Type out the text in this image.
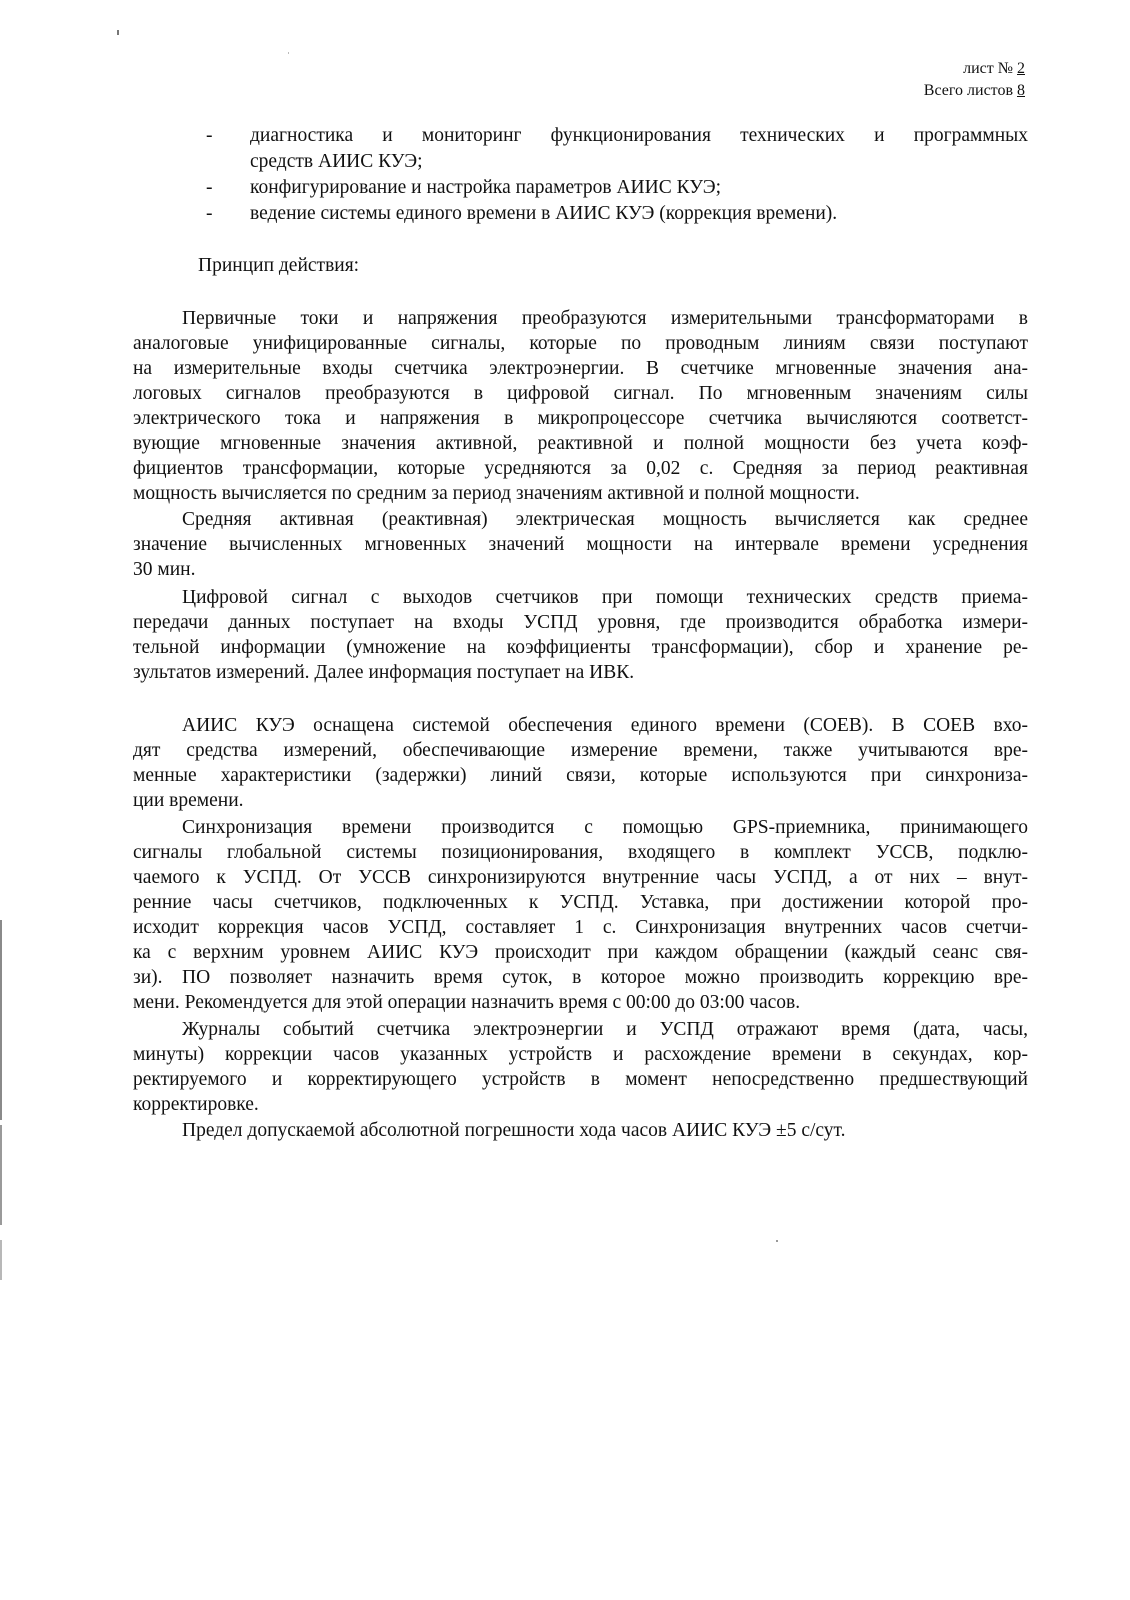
лист № 2
Всего листов 8
- диагностика и мониторинг функционирования технических и программных
средств АИИС КУЭ;
- конфигурирование и настройка параметров АИИС КУЭ;
- ведение системы единого времени в АИИС КУЭ (коррекция времени).
Принцип действия:
Первичные токи и напряжения преобразуются измерительными трансформаторами в
аналоговые унифицированные сигналы, которые по проводным линиям связи поступают
на измерительные входы счетчика электроэнергии. В счетчике мгновенные значения ана-
логовых сигналов преобразуются в цифровой сигнал. По мгновенным значениям силы
электрического тока и напряжения в микропроцессоре счетчика вычисляются соответст-
вующие мгновенные значения активной, реактивной и полной мощности без учета коэф-
фициентов трансформации, которые усредняются за 0,02 с. Средняя за период реактивная
мощность вычисляется по средним за период значениям активной и полной мощности.
Средняя активная (реактивная) электрическая мощность вычисляется как среднее
значение вычисленных мгновенных значений мощности на интервале времени усреднения
30 мин.
Цифровой сигнал с выходов счетчиков при помощи технических средств приема-
передачи данных поступает на входы УСПД уровня, где производится обработка измери-
тельной информации (умножение на коэффициенты трансформации), сбор и хранение ре-
зультатов измерений. Далее информация поступает на ИВК.
АИИС КУЭ оснащена системой обеспечения единого времени (СОЕВ). В СОЕВ вхо-
дят средства измерений, обеспечивающие измерение времени, также учитываются вре-
менные характеристики (задержки) линий связи, которые используются при синхрониза-
ции времени.
Синхронизация времени производится с помощью GPS-приемника, принимающего
сигналы глобальной системы позиционирования, входящего в комплект УССВ, подклю-
чаемого к УСПД. От УССВ синхронизируются внутренние часы УСПД, а от них – внут-
ренние часы счетчиков, подключенных к УСПД. Уставка, при достижении которой про-
исходит коррекция часов УСПД, составляет 1 с. Синхронизация внутренних часов счетчи-
ка с верхним уровнем АИИС КУЭ происходит при каждом обращении (каждый сеанс свя-
зи). ПО позволяет назначить время суток, в которое можно производить коррекцию вре-
мени. Рекомендуется для этой операции назначить время с 00:00 до 03:00 часов.
Журналы событий счетчика электроэнергии и УСПД отражают время (дата, часы,
минуты) коррекции часов указанных устройств и расхождение времени в секундах, кор-
ректируемого и корректирующего устройств в момент непосредственно предшествующий
корректировке.
Предел допускаемой абсолютной погрешности хода часов АИИС КУЭ ±5 с/сут.
